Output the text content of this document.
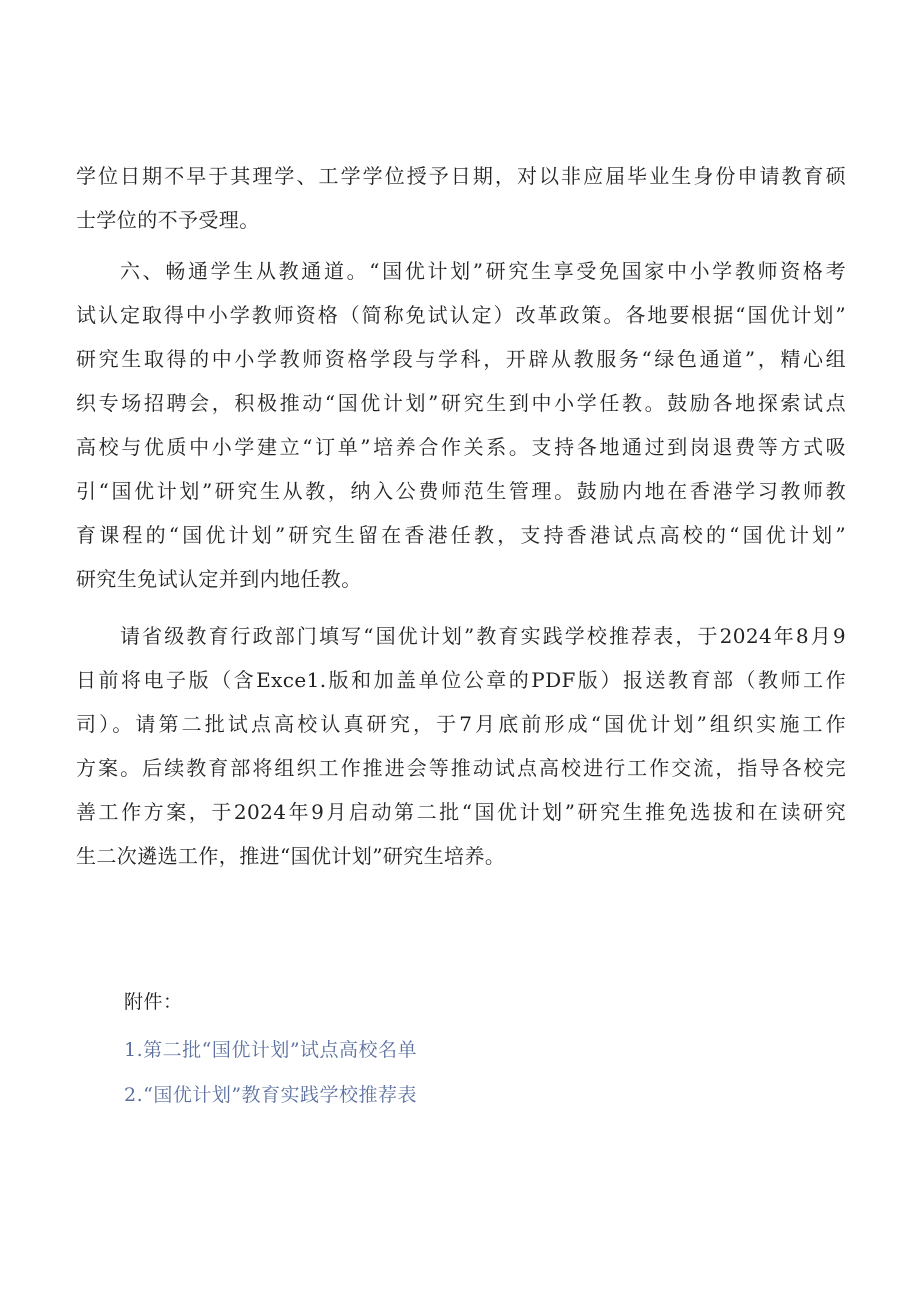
学位日期不早于其理学、工学学位授予日期，对以非应届毕业生身份申请教育硕
士学位的不予受理。
六、畅通学生从教通道。“国优计划”研究生享受免国家中小学教师资格考
试认定取得中小学教师资格（简称免试认定）改革政策。各地要根据“国优计划”
研究生取得的中小学教师资格学段与学科，开辟从教服务“绿色通道”，精心组
织专场招聘会，积极推动“国优计划”研究生到中小学任教。鼓励各地探索试点
高校与优质中小学建立“订单”培养合作关系。支持各地通过到岗退费等方式吸
引“国优计划”研究生从教，纳入公费师范生管理。鼓励内地在香港学习教师教
育课程的“国优计划”研究生留在香港任教，支持香港试点高校的“国优计划”
研究生免试认定并到内地任教。
请省级教育行政部门填写“国优计划”教育实践学校推荐表，于2024年8月9
日前将电子版（含Exce1.版和加盖单位公章的PDF版）报送教育部（教师工作
司）。请第二批试点高校认真研究，于7月底前形成“国优计划”组织实施工作
方案。后续教育部将组织工作推进会等推动试点高校进行工作交流，指导各校完
善工作方案，于2024年9月启动第二批“国优计划”研究生推免选拔和在读研究
生二次遴选工作，推进“国优计划”研究生培养。
附件：
1.第二批“国优计划”试点高校名单
2.“国优计划”教育实践学校推荐表
